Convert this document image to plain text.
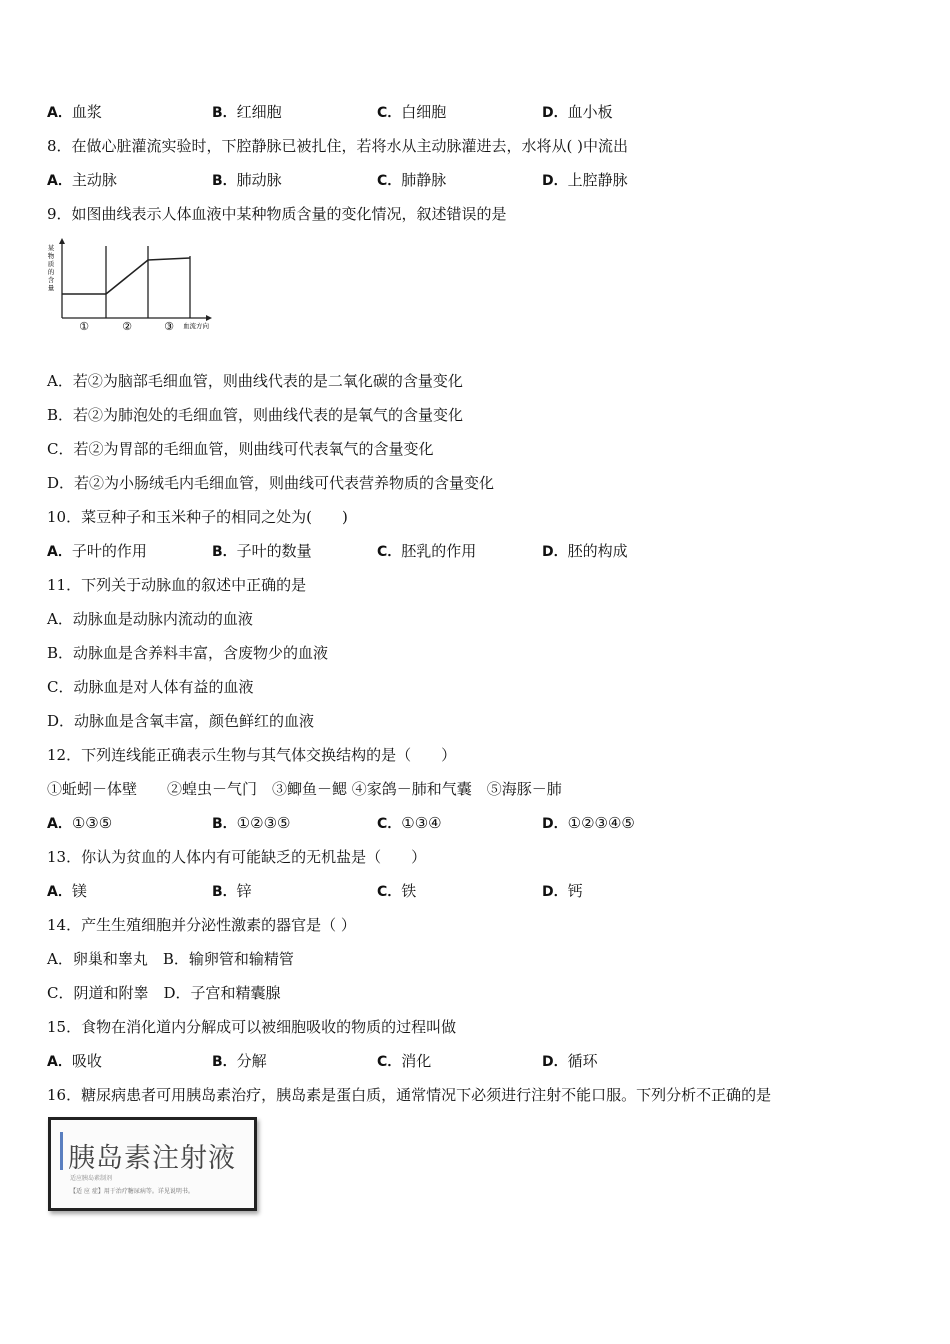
A．血浆	B．红细胞	C．白细胞	D．血小板
8．在做心脏灌流实验时，下腔静脉已被扎住，若将水从主动脉灌进去，水将从( )中流出
A．主动脉	B．肺动脉	C．肺静脉	D．上腔静脉
9．如图曲线表示人体血液中某种物质含量的变化情况，叙述错误的是
某
物
质
的
含
量
①	②	③ 血流方向
A．若②为脑部毛细血管，则曲线代表的是二氧化碳的含量变化
B．若②为肺泡处的毛细血管，则曲线代表的是氧气的含量变化
C．若②为胃部的毛细血管，则曲线可代表氧气的含量变化
D．若②为小肠绒毛内毛细血管，则曲线可代表营养物质的含量变化
10．菜豆种子和玉米种子的相同之处为(　　)
A．子叶的作用	B．子叶的数量	C．胚乳的作用	D．胚的构成
11．下列关于动脉血的叙述中正确的是
A．动脉血是动脉内流动的血液
B．动脉血是含养料丰富，含废物少的血液
C．动脉血是对人体有益的血液
D．动脉血是含氧丰富，颜色鲜红的血液
12．下列连线能正确表示生物与其气体交换结构的是（　　）
①蚯蚓－体壁　　②蝗虫－气门　③鲫鱼－鳃 ④家鸽－肺和气囊　⑤海豚－肺
A．①③⑤	B．①②③⑤	C．①③④	D．①②③④⑤
13．你认为贫血的人体内有可能缺乏的无机盐是（　　）
A．镁	B．锌	C．铁	D．钙
14．产生生殖细胞并分泌性激素的器官是（ ）
A．卵巢和睾丸　B．输卵管和输精管
C．阴道和附睾　D．子宫和精囊腺
15．食物在消化道内分解成可以被细胞吸收的物质的过程叫做
A．吸收	B．分解	C．消化	D．循环
16．糖尿病患者可用胰岛素治疗，胰岛素是蛋白质，通常情况下必须进行注射不能口服。下列分析不正确的是
胰岛素注射液
适应胰岛素制剂
【适 应 症】用于治疗糖尿病等。详见说明书。
